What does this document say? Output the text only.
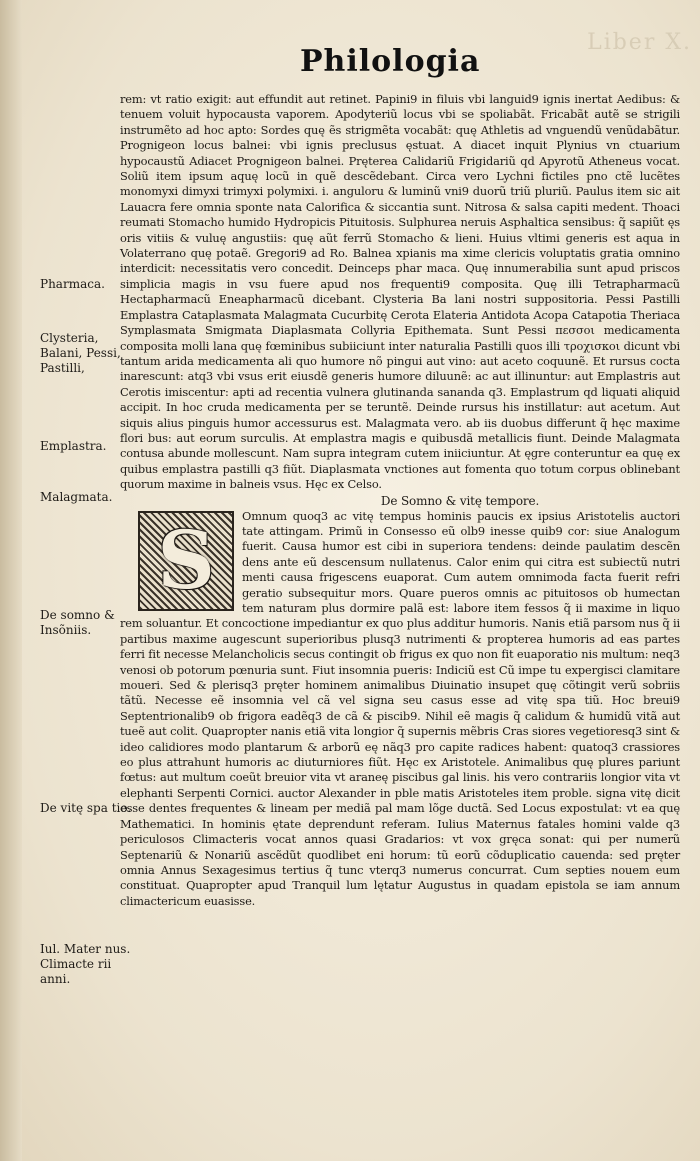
Liber X.
Philologia
Pharmaca.
Clysteria, Balani, Pessi, Pastilli,
Emplastra.
Malagmata.
De somno & Insõniis.
De vitę spa tio.
Iul. Mater nus. Climacte rii anni.

rem: vt ratio exigit: aut effundit aut retinet. Papini9 in filuis vbi languid9 ignis inertat Aedibus: & tenuem voluit hypocausta vaporem. Apodyteriũ locus vbi se spoliabãt. Fricabãt autẽ se strigili instrumẽto ad hoc apto: Sordes quę ẽs strigmẽta vocabãt: quę Athletis ad vnguendũ venũdabãtur. Prognigeon locus balnei: vbi ignis preclusus ęstuat. A diacet inquit Plynius vn ctuarium hypocaustũ Adiacet Prognigeon balnei. Pręterea Calidariũ Frigidariũ qd Apyrotũ Atheneus vocat. Soliũ item ipsum aquę locũ in quẽ descẽdebant. Circa vero Lychni fictiles pno ctẽ lucẽtes monomyxi dimyxi trimyxi polymixi. i. anguloru & luminũ vni9 duorũ triũ pluriũ. Paulus item sic ait Lauacra fere omnia sponte nata Calorifica & siccantia sunt. Nitrosa & salsa capiti medent. Thoaci reumati Stomacho humido Hydropicis Pituitosis. Sulphurea neruis Asphaltica sensibus: q̃ sapiũt ęs oris vitiis & vuluę angustiis: quę aũt ferrũ Stomacho & lieni. Huius vltimi generis est aqua in Volaterrano quę potaẽ. Gregori9 ad Ro. Balnea xpianis ma xime clericis voluptatis gratia omnino interdicit: necessitatis vero concedit. Deinceps phar maca. Quę innumerabilia sunt apud priscos simplicia magis in vsu fuere apud nos frequenti9 composita. Quę illi Tetrapharmacũ Hectapharmacũ Eneapharmacũ dicebant. Clysteria Ba lani nostri suppositoria. Pessi Pastilli Emplastra Cataplasmata Malagmata Cucurbitę Cerota Elateria Antidota Acopa Catapotia Theriaca Symplasmata Smigmata Diaplasmata Collyria Epithemata. Sunt Pessi πεσσοι medicamenta composita molli lana quę fœminibus subiiciunt inter naturalia Pastilli quos illi τροχισκοι dicunt vbi tantum arida medicamenta ali quo humore nõ pingui aut vino: aut aceto coquunẽ. Et rursus cocta inarescunt: atq3 vbi vsus erit eiusdẽ generis humore diluunẽ: ac aut illinuntur: aut Emplastris aut Cerotis imiscentur: apti ad recentia vulnera glutinanda sananda q3. Emplastrum qd liquati aliquid accipit. In hoc cruda medicamenta per se teruntẽ. Deinde rursus his instillatur: aut acetum. Aut siquis alius pinguis humor accessurus est. Malagmata vero. ab iis duobus differunt q̃ hęc maxime flori bus: aut eorum surculis. At emplastra magis e quibusdã metallicis fiunt. Deinde Malagmata contusa abunde mollescunt. Nam supra integram cutem iniiciuntur. At ęgre conteruntur ea quę ex quibus emplastra pastilli q3 fiũt. Diaplasmata vnctiones aut fomenta quo totum corpus oblinebant quorum maxime in balneis vsus. Hęc ex Celso.

De Somno & vitę tempore.

S	Omnum quoq3 ac vitę tempus hominis paucis ex ipsius Aristotelis auctori tate attingam. Primũ in Consesso eũ olb9 inesse quib9 cor: siue Analogum fuerit. Causa humor est cibi in superiora tendens: deinde paulatim descẽn dens ante eũ descensum nullatenus. Calor enim qui citra est subiectũ nutri menti causa frigescens euaporat. Cum autem omnimoda facta fuerit refri geratio subsequitur mors. Quare pueros omnis ac pituitosos ob humectan tem naturam plus dormire palã est: labore item fessos q̃ ii maxime in liquo rem soluantur. Et concoctione impediantur ex quo plus additur humoris. Nanis etiã parsom nus q̃ ii partibus maxime augescunt superioribus plusq3 nutrimenti & propterea humoris ad eas partes ferri fit necesse Melancholicis secus contingit ob frigus ex quo non fit euaporatio nis multum: neq3 venosi ob potorum pœnuria sunt. Fiut insomnia pueris: Indiciũ est Cũ impe tu expergisci clamitare moueri. Sed & plerisq3 pręter hominem animalibus Diuinatio insupet quę cõtingit verũ sobriis tãtũ. Necesse eẽ insomnia vel cã vel signa seu casus esse ad vitę spa tiũ. Hoc breui9 Septentrionalib9 ob frigora eadẽq3 de cã & piscib9. Nihil eẽ magis q̃ calidum & humidũ vitã aut tueẽ aut colit. Quapropter nanis etiã vita longior q̃ supernis mẽbris Cras siores vegetioresq3 sint & ideo calidiores modo plantarum & arborũ eę nãq3 pro capite radices habent: quatoq3 crassiores eo plus attrahunt humoris ac diuturniores fiũt. Hęc ex Aristotele. Animalibus quę plures pariunt fœtus: aut multum coeũt breuior vita vt araneę piscibus gal linis. his vero contrariis longior vita vt elephanti Serpenti Cornici. auctor Alexander in pble matis Aristoteles item proble. signa vitę dicit esse dentes frequentes & lineam per mediã pal mam lõge ductã. Sed Locus expostulat: vt ea quę Mathematici. In hominis ętate deprendunt referam. Iulius Maternus fatales homini valde q3 periculosos Climacteris vocat annos quasi Gradarios: vt vox gręca sonat: qui per numerũ Septenariũ & Nonariũ ascẽdũt quodlibet eni horum: tũ eorũ cõduplicatio cauenda: sed pręter omnia Annus Sexagesimus tertius q̃ tunc vterq3 numerus concurrat. Cum septies nouem eum constituat. Quapropter apud Tranquil lum lętatur Augustus in quadam epistola se iam annum climactericum euasisse.
